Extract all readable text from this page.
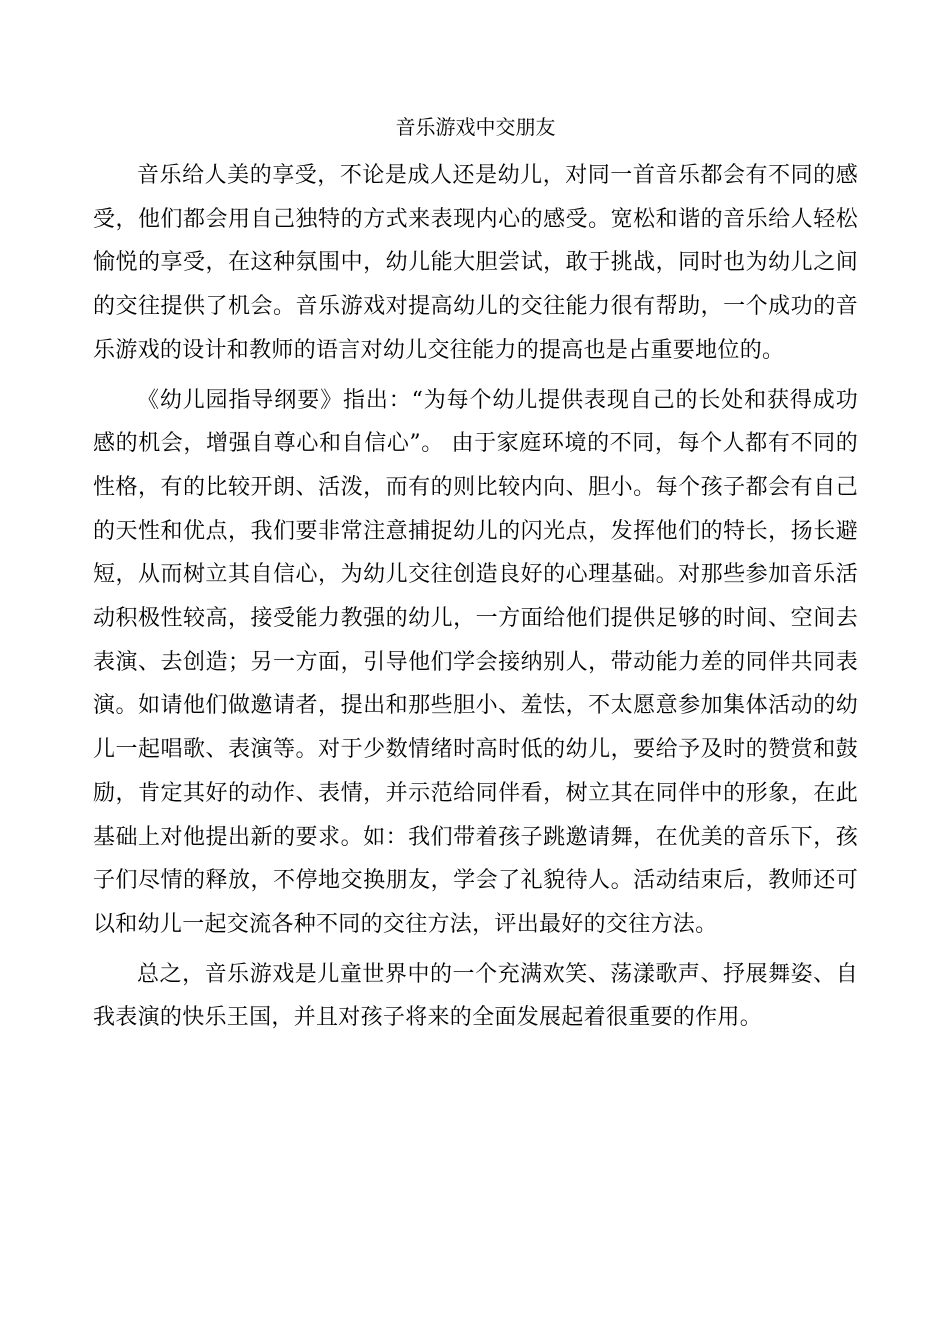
音乐游戏中交朋友

音乐给人美的享受，不论是成人还是幼儿，对同一首音乐都会有不同的感受，他们都会用自己独特的方式来表现内心的感受。宽松和谐的音乐给人轻松愉悦的享受，在这种氛围中，幼儿能大胆尝试，敢于挑战，同时也为幼儿之间的交往提供了机会。音乐游戏对提高幼儿的交往能力很有帮助，一个成功的音乐游戏的设计和教师的语言对幼儿交往能力的提高也是占重要地位的。

《幼儿园指导纲要》指出：“为每个幼儿提供表现自己的长处和获得成功感的机会，增强自尊心和自信心”。 由于家庭环境的不同，每个人都有不同的性格，有的比较开朗、活泼，而有的则比较内向、胆小。每个孩子都会有自己的天性和优点，我们要非常注意捕捉幼儿的闪光点，发挥他们的特长，扬长避短，从而树立其自信心，为幼儿交往创造良好的心理基础。对那些参加音乐活动积极性较高，接受能力教强的幼儿，一方面给他们提供足够的时间、空间去表演、去创造；另一方面，引导他们学会接纳别人，带动能力差的同伴共同表演。如请他们做邀请者，提出和那些胆小、羞怯，不太愿意参加集体活动的幼儿一起唱歌、表演等。对于少数情绪时高时低的幼儿，要给予及时的赞赏和鼓励，肯定其好的动作、表情，并示范给同伴看，树立其在同伴中的形象，在此基础上对他提出新的要求。如：我们带着孩子跳邀请舞，在优美的音乐下，孩子们尽情的释放，不停地交换朋友，学会了礼貌待人。活动结束后，教师还可以和幼儿一起交流各种不同的交往方法，评出最好的交往方法。

总之，音乐游戏是儿童世界中的一个充满欢笑、荡漾歌声、抒展舞姿、自我表演的快乐王国，并且对孩子将来的全面发展起着很重要的作用。
